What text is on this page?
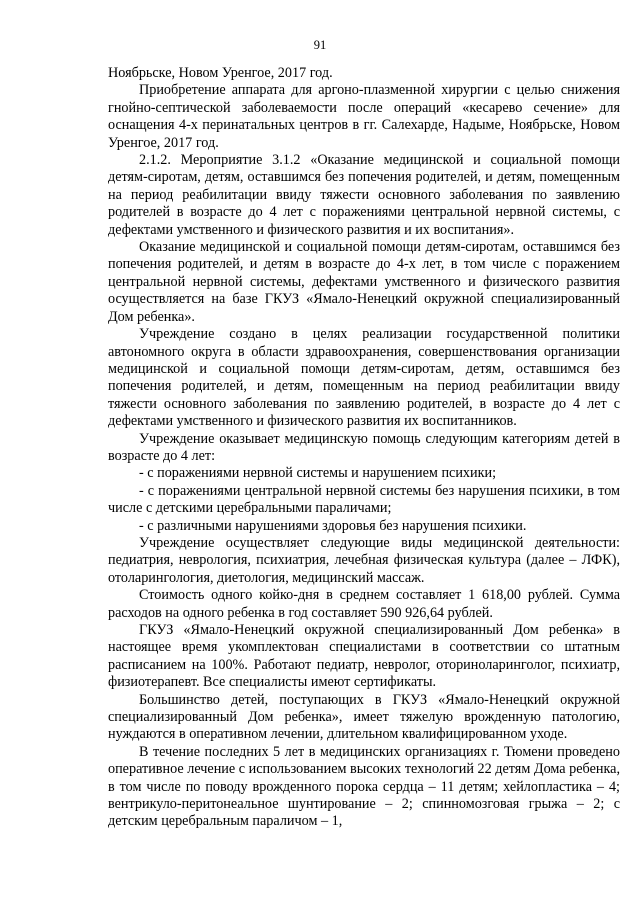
91

Ноябрьске, Новом Уренгое, 2017 год.

Приобретение аппарата для аргоно-плазменной хирургии с целью снижения гнойно-септической заболеваемости после операций «кесарево сечение» для оснащения 4-х перинатальных центров в гг. Салехарде, Надыме, Ноябрьске, Новом Уренгое, 2017 год.

2.1.2. Мероприятие 3.1.2 «Оказание медицинской и социальной помощи детям-сиротам, детям, оставшимся без попечения родителей, и детям, помещенным на период реабилитации ввиду тяжести основного заболевания по заявлению родителей в возрасте до 4 лет с поражениями центральной нервной системы, с дефектами умственного и физического развития и их воспитания».

Оказание медицинской и социальной помощи детям-сиротам, оставшимся без попечения родителей, и детям в возрасте до 4-х лет, в том числе с поражением центральной нервной системы, дефектами умственного и физического развития осуществляется на базе ГКУЗ «Ямало-Ненецкий окружной специализированный Дом ребенка».

Учреждение создано в целях реализации государственной политики автономного округа в области здравоохранения, совершенствования организации медицинской и социальной помощи детям-сиротам, детям, оставшимся без попечения родителей, и детям, помещенным на период реабилитации ввиду тяжести основного заболевания по заявлению родителей, в возрасте до 4 лет с дефектами умственного и физического развития их воспитанников.

Учреждение оказывает медицинскую помощь следующим категориям детей в возрасте до 4 лет:

- с поражениями нервной системы и нарушением психики;

- с поражениями центральной нервной системы без нарушения психики, в том числе с детскими церебральными параличами;

- с различными нарушениями здоровья без нарушения психики.

Учреждение осуществляет следующие виды медицинской деятельности: педиатрия, неврология, психиатрия, лечебная физическая культура (далее – ЛФК), отоларингология, диетология, медицинский массаж.

Стоимость одного койко-дня в среднем составляет 1 618,00 рублей. Сумма расходов на одного ребенка в год составляет 590 926,64 рублей.

ГКУЗ «Ямало-Ненецкий окружной специализированный Дом ребенка» в настоящее время укомплектован специалистами в соответствии со штатным расписанием на 100%. Работают педиатр, невролог, оториноларинголог, психиатр, физиотерапевт. Все специалисты имеют сертификаты.

Большинство детей, поступающих в ГКУЗ «Ямало-Ненецкий окружной специализированный Дом ребенка», имеет тяжелую врожденную патологию, нуждаются в оперативном лечении, длительном квалифицированном уходе.

В течение последних 5 лет в медицинских организациях г. Тюмени проведено оперативное лечение с использованием высоких технологий 22 детям Дома ребенка, в том числе по поводу врожденного порока сердца – 11 детям; хейлопластика – 4; вентрикуло-перитонеальное шунтирование – 2; спинномозговая грыжа – 2; с детским церебральным параличом – 1,
